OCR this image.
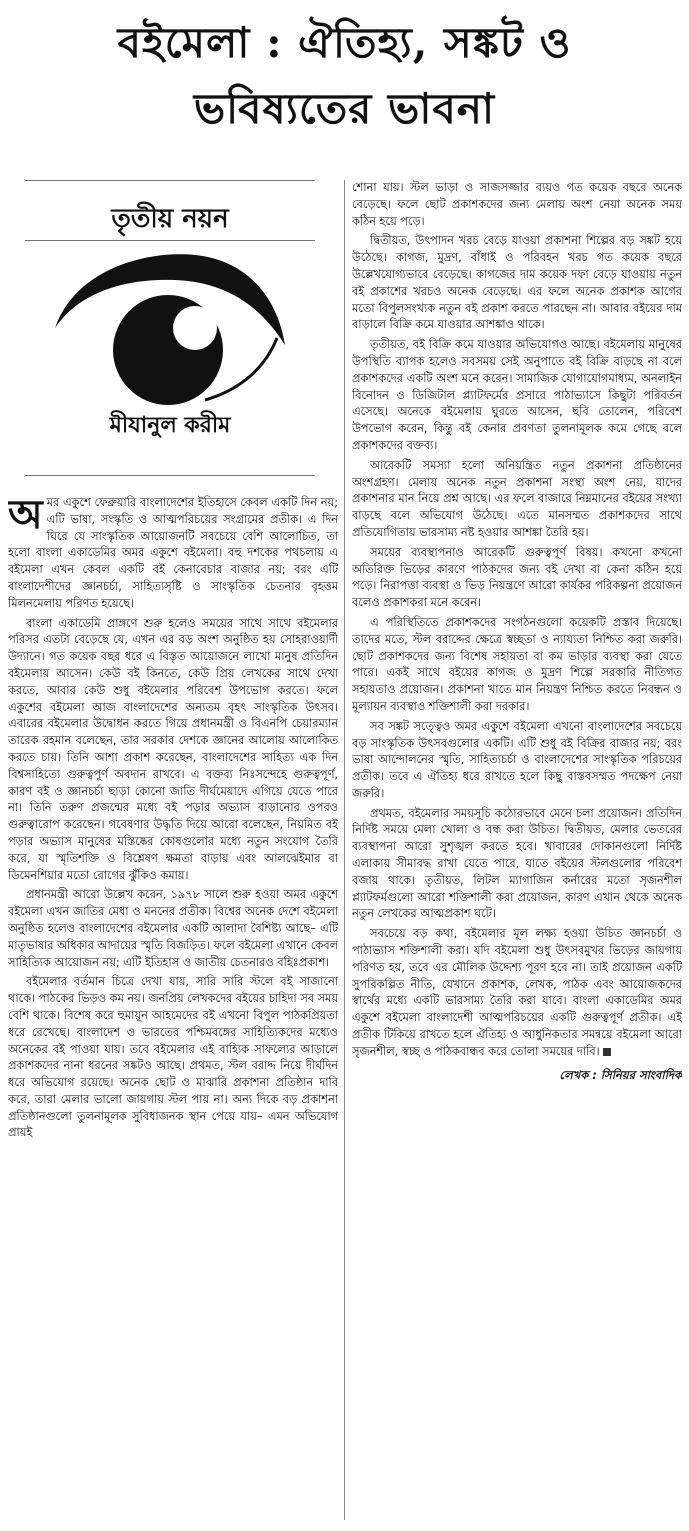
বইমেলা : ঐতিহ্য, সঙ্কট ও
ভবিষ্যতের ভাবনা
তৃতীয় নয়ন
মীযানুল করীম

অমর একুশে ফেব্রুয়ারি বাংলাদেশের ইতিহাসে কেবল একটি দিন নয়; এটি ভাষা, সংস্কৃতি ও আত্মপরিচয়ের সংগ্রামের প্রতীক। এ দিন ঘিরে যে সাংস্কৃতিক আয়োজনটি সবচেয়ে বেশি আলোচিত, তা হলো বাংলা একাডেমির অমর একুশে বইমেলা। বহু দশকের পথচলায় এ বইমেলা এখন কেবল একটি বই কেনাবেচার বাজার নয়; বরং এটি বাংলাদেশীদের জ্ঞানচর্চা, সাহিত্যসৃষ্টি ও সাংস্কৃতিক চেতনার বৃহত্তম মিলনমেলায় পরিণত হয়েছে।

বাংলা একাডেমি প্রাঙ্গণে শুরু হলেও সময়ের সাথে সাথে বইমেলার পরিসর এতটা বেড়েছে যে, এখন এর বড় অংশ অনুষ্ঠিত হয় সোহরাওয়ার্দী উদ্যানে। গত কয়েক বছর ধরে এ বিস্তৃত আয়োজনে লাখো মানুষ প্রতিদিন বইমেলায় আসেন। কেউ বই কিনতে, কেউ প্রিয় লেখকের সাথে দেখা করতে, আবার কেউ শুধু বইমেলার পরিবেশ উপভোগ করতে। ফলে একুশের বইমেলা আজ বাংলাদেশের অন্যতম বৃহৎ সাংস্কৃতিক উৎসব। এবারের বইমেলার উদ্বোধন করতে গিয়ে প্রধানমন্ত্রী ও বিএনপি চেয়ারম্যান তারেক রহমান বলেছেন, তার সরকার দেশকে জ্ঞানের আলোয় আলোকিত করতে চায়। তিনি আশা প্রকাশ করেছেন, বাংলাদেশের সাহিত্য এক দিন বিশ্বসাহিত্যে গুরুত্বপূর্ণ অবদান রাখবে। এ বক্তব্য নিঃসন্দেহে গুরুত্বপূর্ণ, কারণ বই ও জ্ঞানচর্চা ছাড়া কোনো জাতি দীর্ঘমেয়াদে এগিয়ে যেতে পারে না। তিনি তরুণ প্রজন্মের মধ্যে বই পড়ার অভ্যাস বাড়ানোর ওপরও গুরুত্বারোপ করেছেন। গবেষণার উদ্ধৃতি দিয়ে আরো বলেছেন, নিয়মিত বই পড়ার অভ্যাস মানুষের মস্তিষ্কের কোষগুলোর মধ্যে নতুন সংযোগ তৈরি করে, যা স্মৃতিশক্তি ও বিশ্লেষণ ক্ষমতা বাড়ায় এবং আলঝেইমার বা ডিমেনশিয়ার মতো রোগের ঝুঁকিও কমায়।

প্রধানমন্ত্রী আরো উল্লেখ করেন, ১৯৭৮ সালে শুরু হওয়া অমর একুশে বইমেলা এখন জাতির মেধা ও মননের প্রতীক। বিশ্বের অনেক দেশে বইমেলা অনুষ্ঠিত হলেও বাংলাদেশের বইমেলার একটি আলাদা বৈশিষ্ট্য আছে– এটি মাতৃভাষার অধিকার আদায়ের স্মৃতি বিজড়িত। ফলে বইমেলা এখানে কেবল সাহিত্যিক আয়োজন নয়; এটি ইতিহাস ও জাতীয় চেতনারও বহিঃপ্রকাশ।

বইমেলার বর্তমান চিত্রে দেখা যায়, সারি সারি স্টলে বই সাজানো থাকে। পাঠকের ভিড়ও কম নয়। জনপ্রিয় লেখকদের বইয়ের চাহিদা সব সময় বেশি থাকে। বিশেষ করে হুমায়ূন আহমেদের বই এখনো বিপুল পাঠকপ্রিয়তা ধরে রেখেছে। বাংলাদেশ ও ভারতের পশ্চিমবঙ্গের সাহিত্যিকদের মধ্যেও অনেকের বই পাওয়া যায়। তবে বইমেলার এই বাহ্যিক সাফল্যের আড়ালে প্রকাশকদের নানা ধরনের সঙ্কটও আছে। প্রথমত, স্টল বরাদ্দ নিয়ে দীর্ঘদিন ধরে অভিযোগ রয়েছে। অনেক ছোট ও মাঝারি প্রকাশনা প্রতিষ্ঠান দাবি করে, তারা মেলার ভালো জায়গায় স্টল পায় না। অন্য দিকে বড় প্রকাশনা প্রতিষ্ঠানগুলো তুলনামূলক সুবিধাজনক স্থান পেয়ে যায়– এমন অভিযোগ প্রায়ই

শোনা যায়। স্টল ভাড়া ও সাজসজ্জার ব্যয়ও গত কয়েক বছরে অনেক বেড়েছে। ফলে ছোট প্রকাশকদের জন্য মেলায় অংশ নেয়া অনেক সময় কঠিন হয়ে পড়ে।

দ্বিতীয়ত, উৎপাদন খরচ বেড়ে যাওয়া প্রকাশনা শিল্পের বড় সঙ্কট হয়ে উঠেছে। কাগজ, মুদ্রণ, বাঁধাই ও পরিবহন খরচ গত কয়েক বছরে উল্লেখযোগ্যভাবে বেড়েছে। কাগজের দাম কয়েক দফা বেড়ে যাওয়ায় নতুন বই প্রকাশের খরচও অনেক বেড়েছে। এর ফলে অনেক প্রকাশক আগের মতো বিপুলসংখ্যক নতুন বই প্রকাশ করতে পারছেন না। আবার বইয়ের দাম বাড়ালে বিক্রি কমে যাওয়ার আশঙ্কাও থাকে।

তৃতীয়ত, বই বিক্রি কমে যাওয়ার অভিযোগও আছে। বইমেলায় মানুষের উপস্থিতি ব্যাপক হলেও সবসময় সেই অনুপাতে বই বিক্রি বাড়ছে না বলে প্রকাশকদের একটি অংশ মনে করেন। সামাজিক যোগাযোগমাধ্যম, অনলাইন বিনোদন ও ডিজিটাল প্ল্যাটফর্মের প্রসারে পাঠাভ্যাসে কিছুটা পরিবর্তন এসেছে। অনেকে বইমেলায় ঘুরতে আসেন, ছবি তোলেন, পরিবেশ উপভোগ করেন, কিন্তু বই কেনার প্রবণতা তুলনামূলক কমে গেছে বলে প্রকাশকদের বক্তব্য।

আরেকটি সমস্যা হলো অনিয়ন্ত্রিত নতুন প্রকাশনা প্রতিষ্ঠানের অংশগ্রহণ। মেলায় অনেক নতুন প্রকাশনা সংস্থা অংশ নেয়, যাদের প্রকাশনার মান নিয়ে প্রশ্ন আছে। এর ফলে বাজারে নিম্নমানের বইয়ের সংখ্যা বাড়ছে বলে অভিযোগ উঠেছে। এতে মানসম্মত প্রকাশকদের সাথে প্রতিযোগিতায় ভারসাম্য নষ্ট হওয়ার আশঙ্কা তৈরি হয়।

সময়ের ব্যবস্থাপনাও আরেকটি গুরুত্বপূর্ণ বিষয়। কখনো কখনো অতিরিক্ত ভিড়ের কারণে পাঠকদের জন্য বই দেখা বা কেনা কঠিন হয়ে পড়ে। নিরাপত্তা ব্যবস্থা ও ভিড় নিয়ন্ত্রণে আরো কার্যকর পরিকল্পনা প্রয়োজন বলেও প্রকাশকরা মনে করেন।

এ পরিস্থিতিতে প্রকাশকদের সংগঠনগুলো কয়েকটি প্রস্তাব দিয়েছে। তাদের মতে, স্টল বরাদ্দের ক্ষেত্রে স্বচ্ছতা ও ন্যায্যতা নিশ্চিত করা জরুরি। ছোট প্রকাশকদের জন্য বিশেষ সহায়তা বা কম ভাড়ার ব্যবস্থা করা যেতে পারে। একই সাথে বইয়ের কাগজ ও মুদ্রণ শিল্পে সরকারি নীতিগত সহায়তাও প্রয়োজন। প্রকাশনা খাতে মান নিয়ন্ত্রণ নিশ্চিত করতে নিবন্ধন ও মূল্যায়ন ব্যবস্থাও শক্তিশালী করা দরকার।

সব সঙ্কট সত্ত্বেও অমর একুশে বইমেলা এখনো বাংলাদেশের সবচেয়ে বড় সাংস্কৃতিক উৎসবগুলোর একটি। এটি শুধু বই বিক্রির বাজার নয়; বরং ভাষা আন্দোলনের স্মৃতি, সাহিত্যচর্চা ও বাংলাদেশের সাংস্কৃতিক পরিচয়ের প্রতীক। তবে এ ঐতিহ্য ধরে রাখতে হলে কিছু বাস্তবসম্মত পদক্ষেপ নেয়া জরুরি।

প্রথমত, বইমেলার সময়সূচি কঠোরভাবে মেনে চলা প্রয়োজন। প্রতিদিন নির্দিষ্ট সময়ে মেলা খোলা ও বন্ধ করা উচিত। দ্বিতীয়ত, মেলার ভেতরের ব্যবস্থাপনা আরো সুশৃঙ্খল করতে হবে। খাবারের দোকানগুলো নির্দিষ্ট এলাকায় সীমাবদ্ধ রাখা যেতে পারে, যাতে বইয়ের স্টলগুলোর পরিবেশ বজায় থাকে। তৃতীয়ত, লিটল ম্যাগাজিন কর্নারের মতো সৃজনশীল প্ল্যাটফর্মগুলো আরো শক্তিশালী করা প্রয়োজন, কারণ এখান থেকে অনেক নতুন লেখকের আত্মপ্রকাশ ঘটে।

সবচেয়ে বড় কথা, বইমেলার মূল লক্ষ্য হওয়া উচিত জ্ঞানচর্চা ও পাঠাভ্যাস শক্তিশালী করা। যদি বইমেলা শুধু উৎসবমুখর ভিড়ের জায়গায় পরিণত হয়, তবে এর মৌলিক উদ্দেশ্য পূরণ হবে না। তাই প্রয়োজন একটি সুপরিকল্পিত নীতি, যেখানে প্রকাশক, লেখক, পাঠক এবং আয়োজকদের স্বার্থের মধ্যে একটি ভারসাম্য তৈরি করা যাবে। বাংলা একাডেমির অমর একুশে বইমেলা বাংলাদেশী আত্মপরিচয়ের একটি গুরুত্বপূর্ণ প্রতীক। এই প্রতীক টিকিয়ে রাখতে হলে ঐতিহ্য ও আধুনিকতার সমন্বয়ে বইমেলা আরো সৃজনশীল, স্বচ্ছ ও পাঠকবান্ধব করে তোলা সময়ের দাবি।

লেখক : সিনিয়র সাংবাদিক
